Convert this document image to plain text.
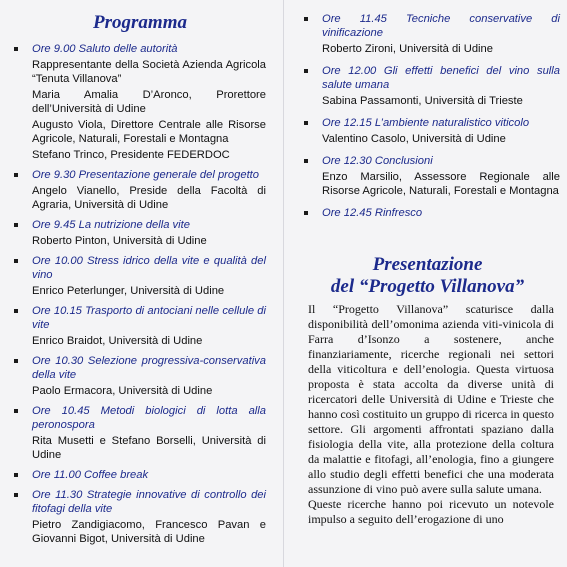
Programma
Ore 9.00 Saluto delle autorità
Rappresentante della Società Azienda Agricola “Tenuta Villanova”
Maria Amalia D’Aronco, Prorettore dell’Università di Udine
Augusto Viola, Direttore Centrale alle Risorse Agricole, Naturali, Forestali e Montagna
Stefano Trinco, Presidente FEDERDOC
Ore 9.30 Presentazione generale del progetto
Angelo Vianello, Preside della Facoltà di Agraria, Università di Udine
Ore 9.45 La nutrizione della vite
Roberto Pinton, Università di Udine
Ore 10.00 Stress idrico della vite e qualità del vino
Enrico Peterlunger, Università di Udine
Ore 10.15 Trasporto di antociani nelle cellule di vite
Enrico Braidot, Università di Udine
Ore 10.30 Selezione progressiva-conservativa della vite
Paolo Ermacora, Università di Udine
Ore 10.45 Metodi biologici di lotta alla peronospora
Rita Musetti e Stefano Borselli, Università di Udine
Ore 11.00 Coffee break
Ore 11.30 Strategie innovative di controllo dei fitofagi della vite
Pietro Zandigiacomo, Francesco Pavan e Giovanni Bigot, Università di Udine
Ore 11.45 Tecniche conservative di vinificazione
Roberto Zironi, Università di Udine
Ore 12.00 Gli effetti benefici del vino sulla salute umana
Sabina Passamonti, Università di Trieste
Ore 12.15 L’ambiente naturalistico viticolo
Valentino Casolo, Università di Udine
Ore 12.30 Conclusioni
Enzo Marsilio, Assessore Regionale alle Risorse Agricole, Naturali, Forestali e Montagna
Ore 12.45 Rinfresco
Presentazione
del “Progetto Villanova”

Il “Progetto Villanova” scaturisce dalla disponibilità dell’omonima azienda viti-vinicola di Farra d’Isonzo a sostenere, anche finanziariamente, ricerche regionali nei settori della viticoltura e dell’enologia. Questa virtuosa proposta è stata accolta da diverse unità di ricercatori delle Università di Udine e Trieste che hanno così costituito un gruppo di ricerca in questo settore. Gli argomenti affrontati spaziano dalla fisiologia della vite, alla protezione della coltura da malattie e fitofagi, all’enologia, fino a giungere allo studio degli effetti benefici che una moderata assunzione di vino può avere sulla salute umana.

Queste ricerche hanno poi ricevuto un notevole impulso a seguito dell’erogazione di uno
